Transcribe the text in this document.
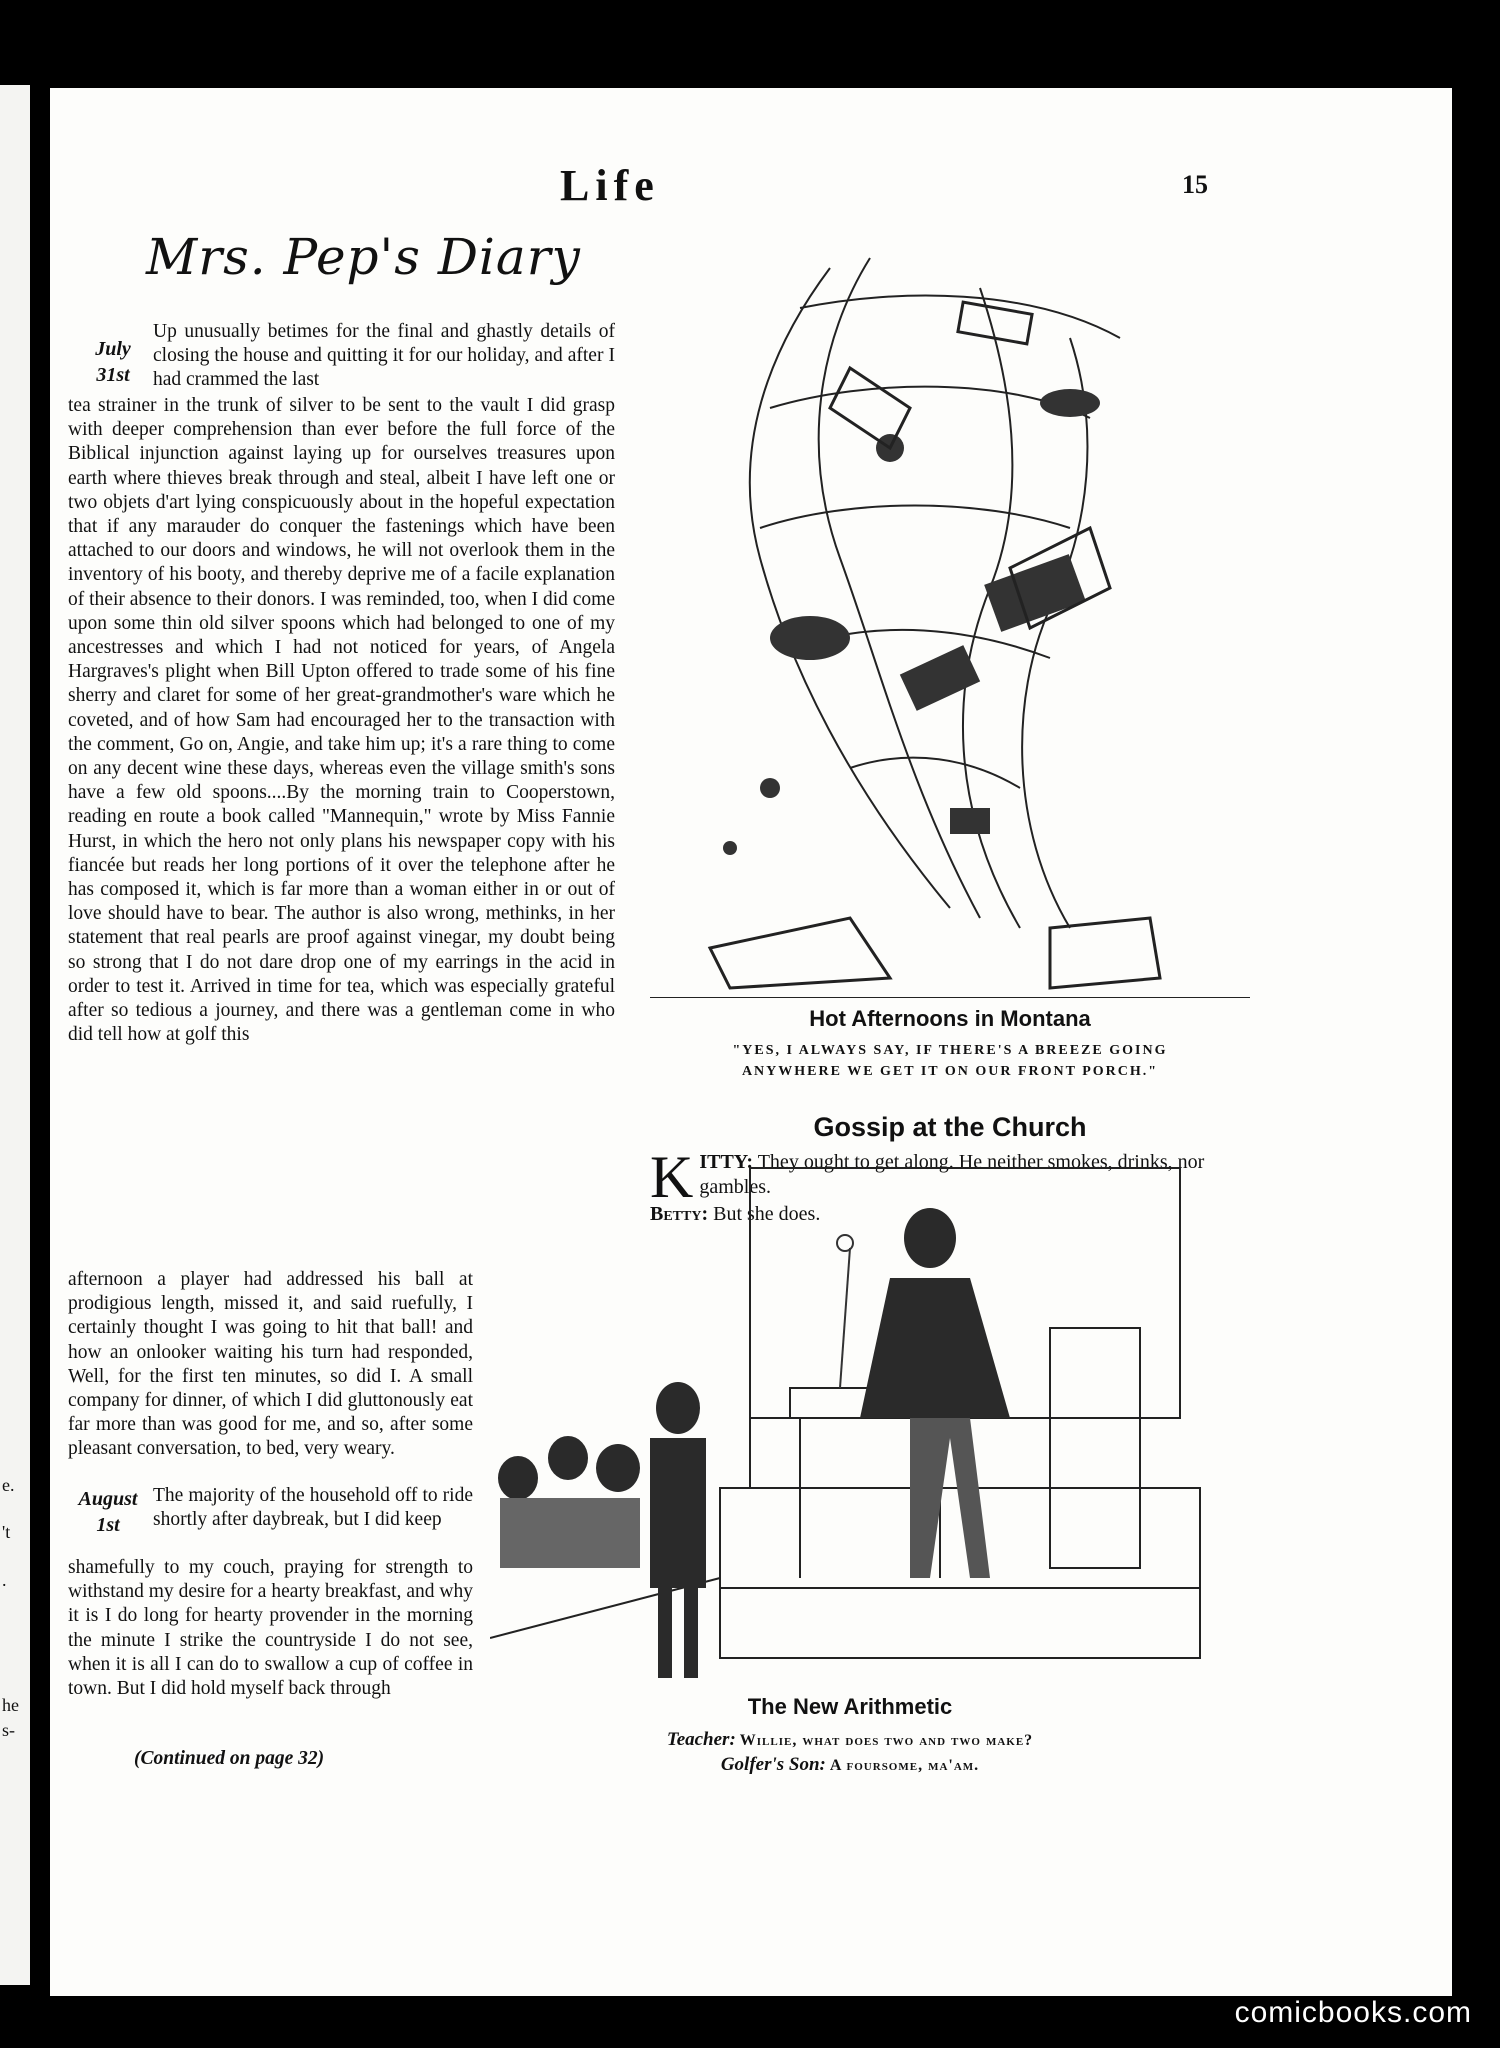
e.
't
.
he
s-
Life	15
Mrs. Pep's Diary
July
31st
Up unusually betimes for the final and ghastly details of closing the house and quitting it for our holiday, and after I had crammed the last
tea strainer in the trunk of silver to be sent to the vault I did grasp with deeper comprehension than ever before the full force of the Biblical injunction against laying up for ourselves treasures upon earth where thieves break through and steal, albeit I have left one or two objets d'art lying conspicuously about in the hopeful expectation that if any marauder do conquer the fastenings which have been attached to our doors and windows, he will not overlook them in the inventory of his booty, and thereby deprive me of a facile explanation of their absence to their donors. I was reminded, too, when I did come upon some thin old silver spoons which had belonged to one of my ancestresses and which I had not noticed for years, of Angela Hargraves's plight when Bill Upton offered to trade some of his fine sherry and claret for some of her great-grandmother's ware which he coveted, and of how Sam had encouraged her to the transaction with the comment, Go on, Angie, and take him up; it's a rare thing to come on any decent wine these days, whereas even the village smith's sons have a few old spoons....By the morning train to Cooperstown, reading en route a book called "Mannequin," wrote by Miss Fannie Hurst, in which the hero not only plans his newspaper copy with his fiancée but reads her long portions of it over the telephone after he has composed it, which is far more than a woman either in or out of love should have to bear. The author is also wrong, methinks, in her statement that real pearls are proof against vinegar, my doubt being so strong that I do not dare drop one of my earrings in the acid in order to test it. Arrived in time for tea, which was especially grateful after so tedious a journey, and there was a gentleman come in who did tell how at golf this
afternoon a player had addressed his ball at prodigious length, missed it, and said ruefully, I certainly thought I was going to hit that ball! and how an onlooker waiting his turn had responded, Well, for the first ten minutes, so did I. A small company for dinner, of which I did gluttonously eat far more than was good for me, and so, after some pleasant conversation, to bed, very weary.
August
1st
The majority of the household off to ride shortly after daybreak, but I did keep
shamefully to my couch, praying for strength to withstand my desire for a hearty breakfast, and why it is I do long for hearty provender in the morning the minute I strike the countryside I do not see, when it is all I can do to swallow a cup of coffee in town. But I did hold myself back through
(Continued on page 32)
Hot Afternoons in Montana
"YES, I ALWAYS SAY, IF THERE'S A BREEZE GOING
ANYWHERE WE GET IT ON OUR FRONT PORCH."
Gossip at the Church
K ITTY: They ought to get along. He neither smokes, drinks, nor gambles.
Betty: But she does.
The New Arithmetic
Teacher: Willie, what does two and two make?
Golfer's Son: A foursome, ma'am.
comicbooks.com
